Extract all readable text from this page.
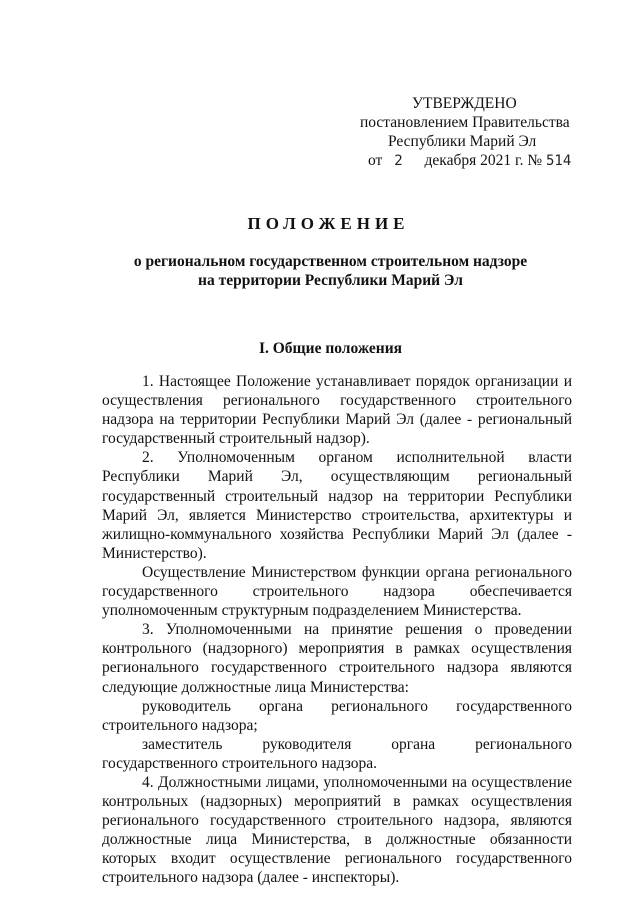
УТВЕРЖДЕНО
постановлением Правительства
Республики Марий Эл
от 2 декабря 2021 г. № 514
ПОЛОЖЕНИЕ
о региональном государственном строительном надзоре
на территории Республики Марий Эл
I. Общие положения

1. Настоящее Положение устанавливает порядок организации и осуществления регионального государственного строительного надзора на территории Республики Марий Эл (далее - региональный государственный строительный надзор).

2. Уполномоченным органом исполнительной власти Республики Марий Эл, осуществляющим региональный государственный строительный надзор на территории Республики Марий Эл, является Министерство строительства, архитектуры и жилищно-коммунального хозяйства Республики Марий Эл (далее - Министерство).

Осуществление Министерством функции органа регионального государственного строительного надзора обеспечивается уполномоченным структурным подразделением Министерства.

3. Уполномоченными на принятие решения о проведении контрольного (надзорного) мероприятия в рамках осуществления регионального государственного строительного надзора являются следующие должностные лица Министерства:

руководитель органа регионального государственного строительного надзора;

заместитель руководителя органа регионального государственного строительного надзора.

4. Должностными лицами, уполномоченными на осуществление контрольных (надзорных) мероприятий в рамках осуществления регионального государственного строительного надзора, являются должностные лица Министерства, в должностные обязанности которых входит осуществление регионального государственного строительного надзора (далее - инспекторы).
